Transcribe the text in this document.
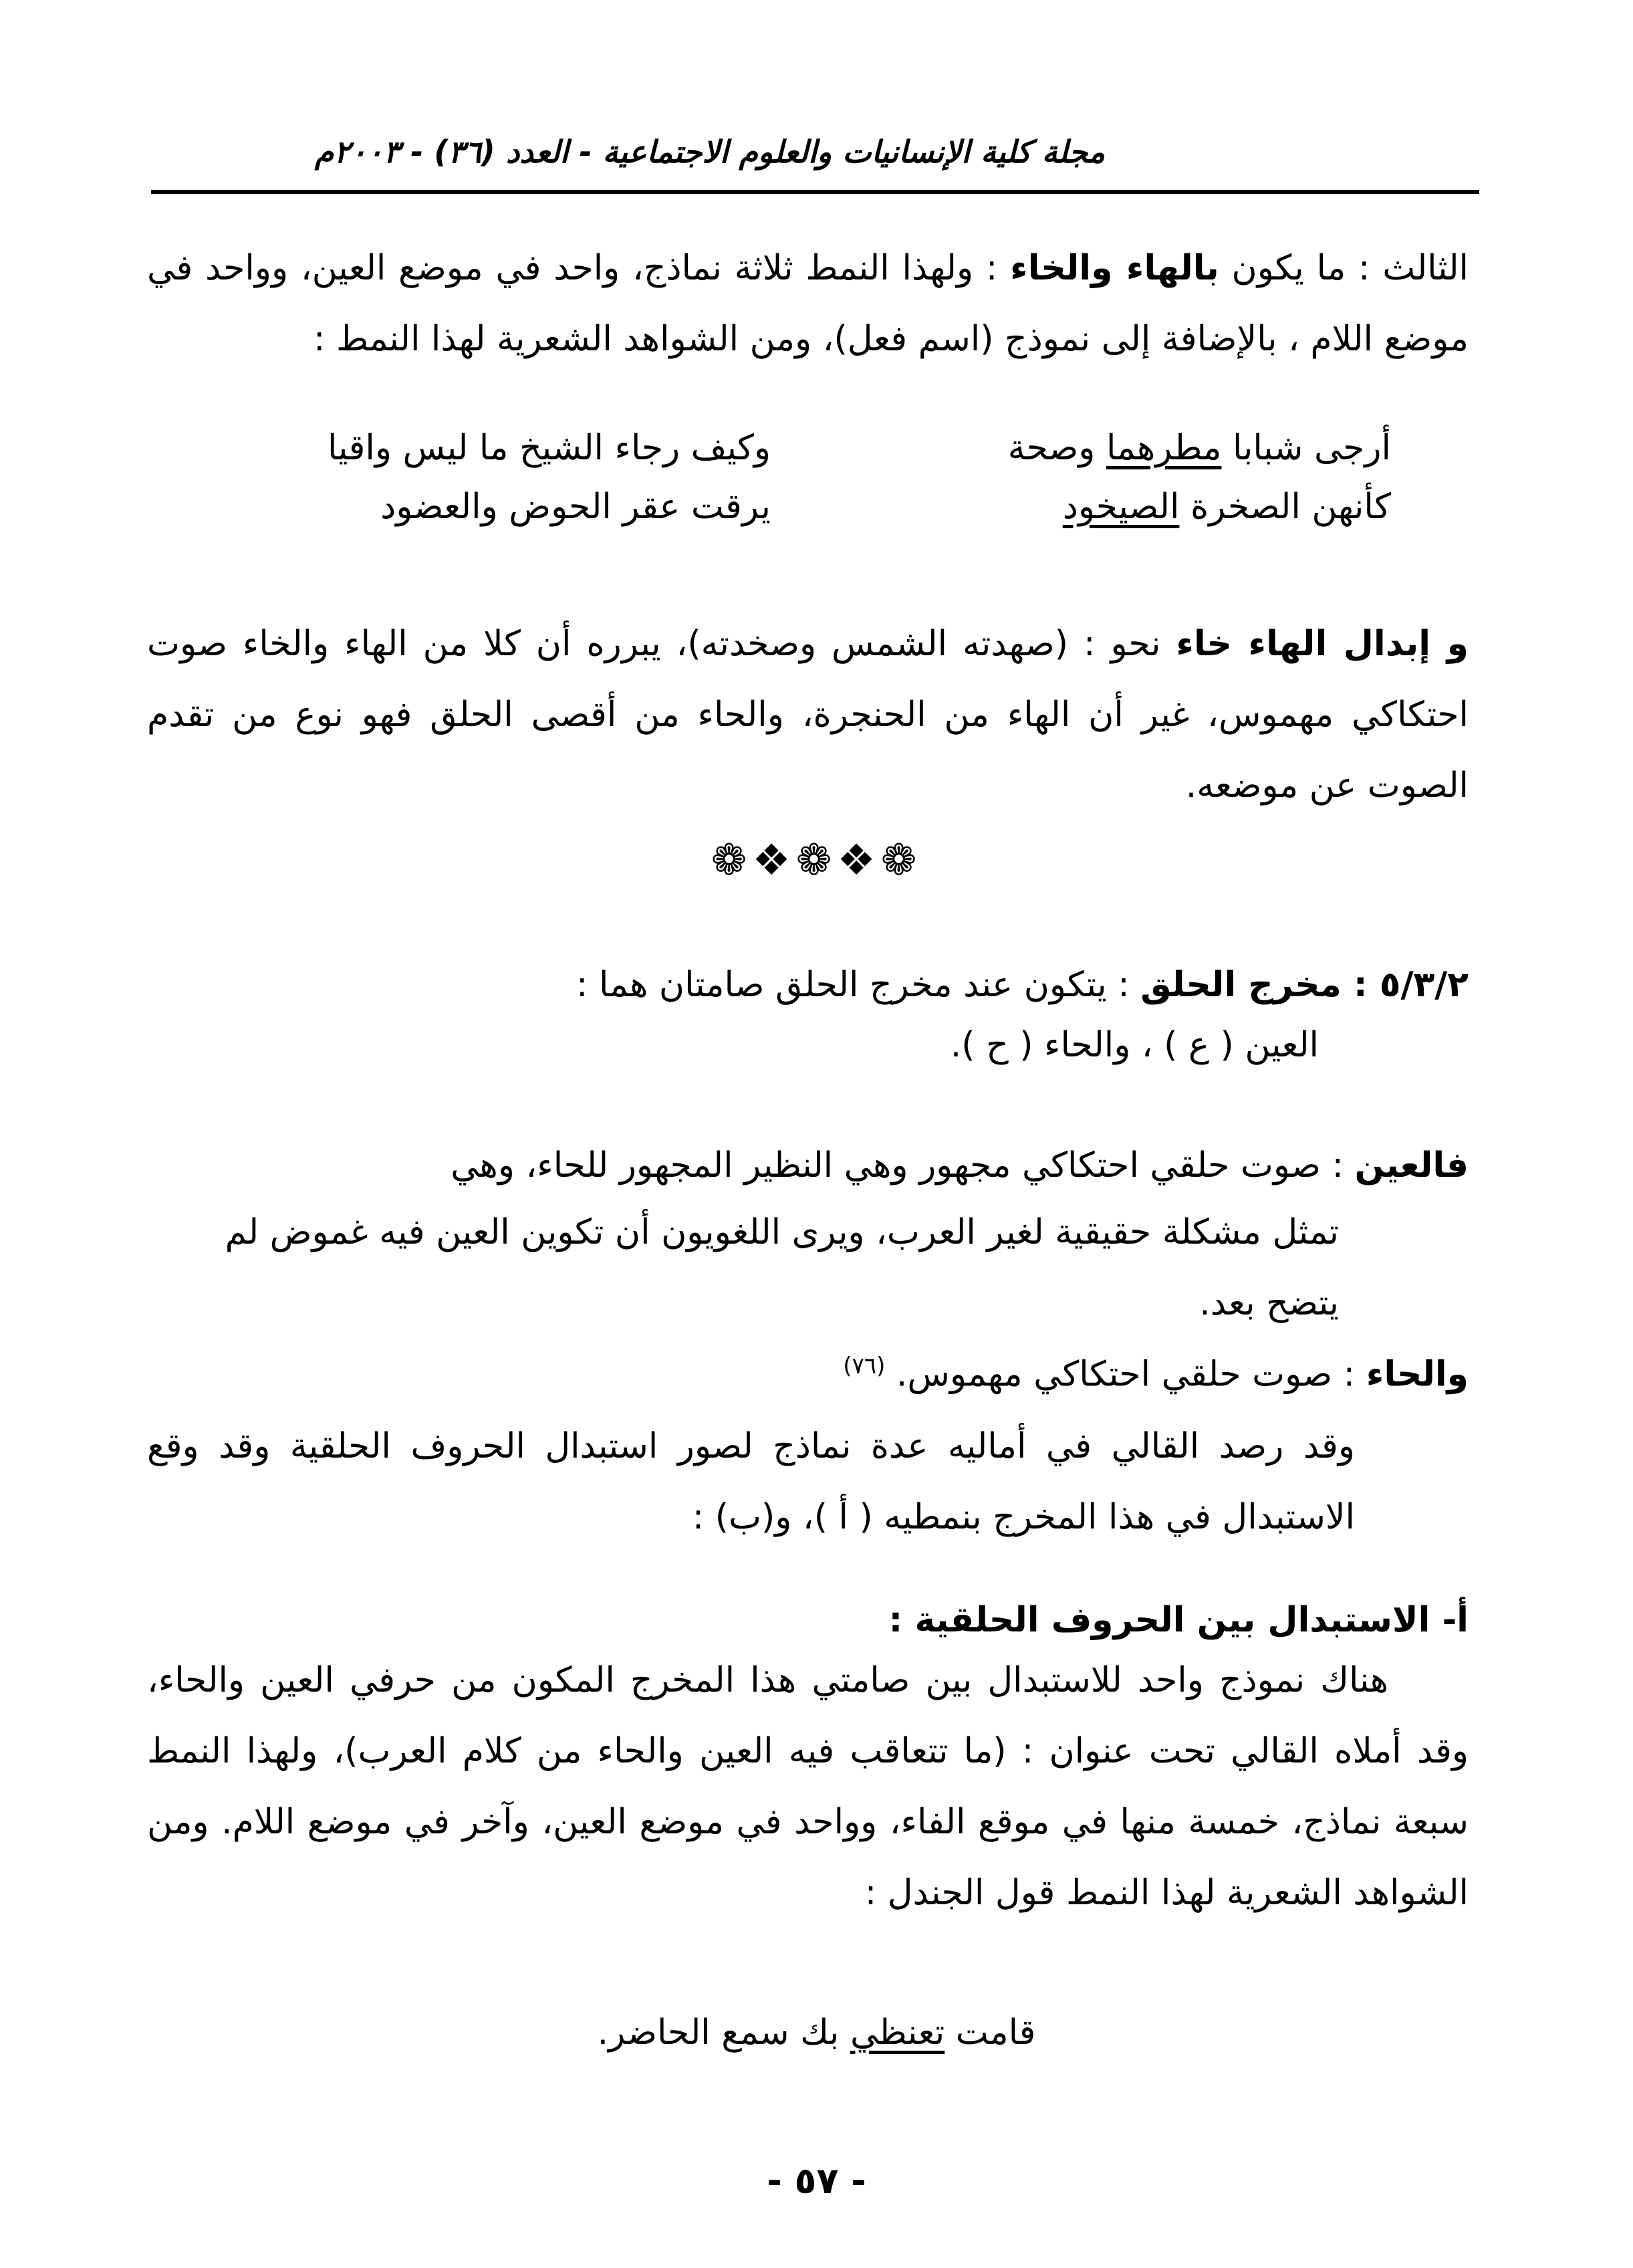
مجلة كلية الإنسانيات والعلوم الاجتماعية - العدد (٣٦) - ٢٠٠٣م

الثالث : ما يكون بالهاء والخاء : ولهذا النمط ثلاثة نماذج، واحد في موضع العين، وواحد في موضع اللام ، بالإضافة إلى نموذج (اسم فعل)، ومن الشواهد الشعرية لهذا النمط :

أرجى شبابا مطرهما وصحة
وكيف رجاء الشيخ ما ليس واقيا
كأنهن الصخرة الصيخود
يرقت عقر الحوض والعضود

و إبدال الهاء خاء نحو : (صهدته الشمس وصخدته)، يبرره أن كلا من الهاء والخاء صوت احتكاكي مهموس، غير أن الهاء من الحنجرة، والحاء من أقصى الحلق فهو نوع من تقدم الصوت عن موضعه.

❁❖❁❖❁

٥/٣/٢ : مخرج الحلق : يتكون عند مخرج الحلق صامتان هما :

العين ( ع ) ، والحاء ( ح ).

فالعين : صوت حلقي احتكاكي مجهور وهي النظير المجهور للحاء، وهي

تمثل مشكلة حقيقية لغير العرب، ويرى اللغويون أن تكوين العين فيه غموض لم يتضح بعد.

والحاء : صوت حلقي احتكاكي مهموس. $^{(٧٦)}$

وقد رصد القالي في أماليه عدة نماذج لصور استبدال الحروف الحلقية وقد وقع الاستبدال في هذا المخرج بنمطيه ( أ )، و(ب) :

أ- الاستبدال بين الحروف الحلقية :

هناك نموذج واحد للاستبدال بين صامتي هذا المخرج المكون من حرفي العين والحاء، وقد أملاه القالي تحت عنوان : (ما تتعاقب فيه العين والحاء من كلام العرب)، ولهذا النمط سبعة نماذج، خمسة منها في موقع الفاء، وواحد في موضع العين، وآخر في موضع اللام. ومن الشواهد الشعرية لهذا النمط قول الجندل :

قامت تعنظي بك سمع الحاضر.
- ٥٧ -
